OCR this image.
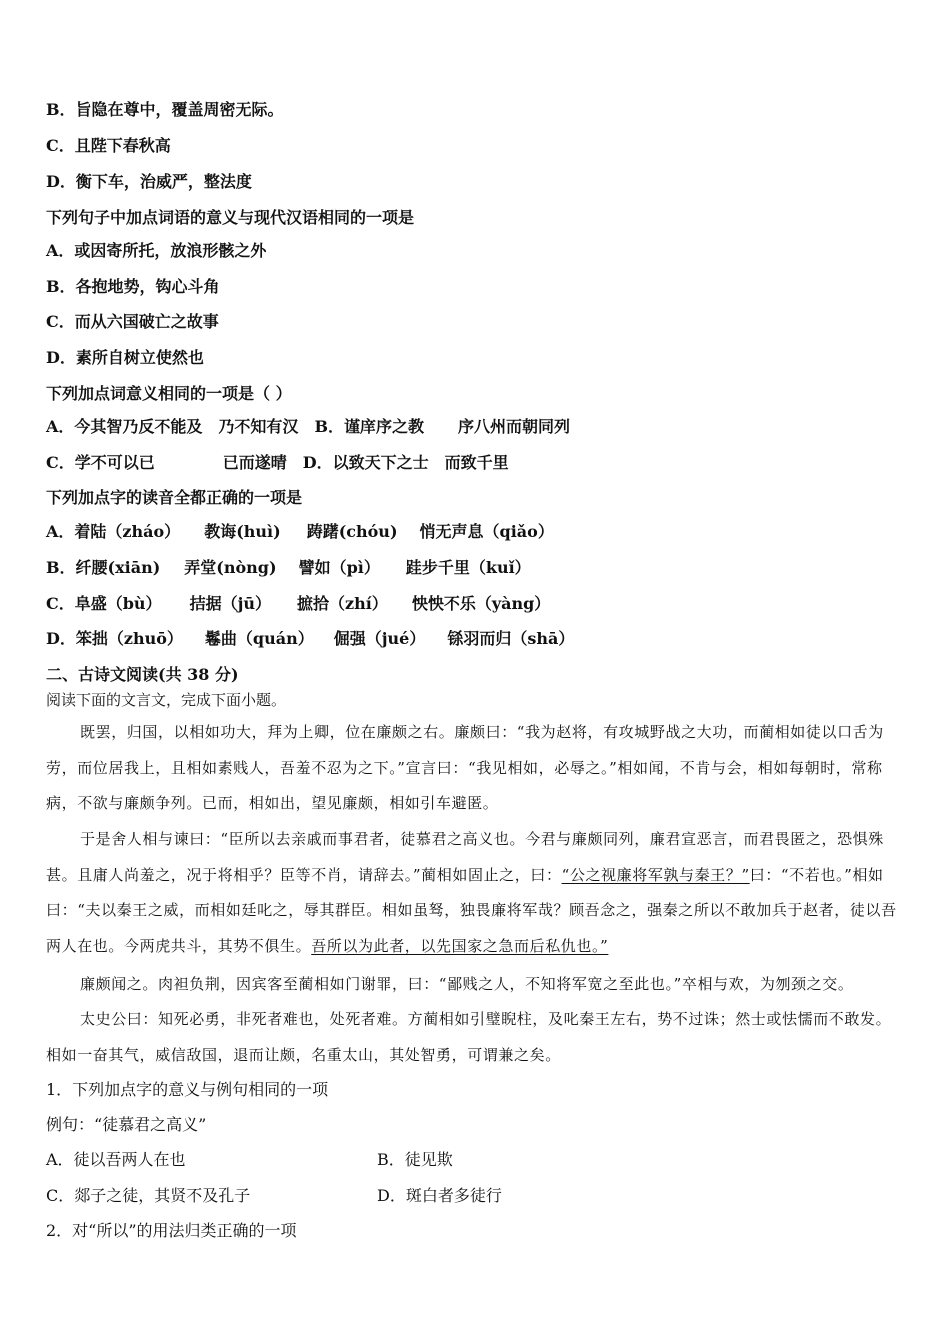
B．旨隐在尊中，覆盖周密无际。
C．且陛下春秋高
D．衡下车，治威严，整法度
下列句子中加点词语的意义与现代汉语相同的一项是
A．或因寄所托，放浪形骸之外
B．各抱地势，钩心斗角
C．而从六国破亡之故事
D．素所自树立使然也
下列加点词意义相同的一项是（ ）
A．今其智乃反不能及 乃不知有汉 B．谨庠序之教 序八州而朝同列
C．学不可以已	已而遂晴 D．以致天下之士 而致千里
下列加点字的读音全都正确的一项是
A．着陆（zháo） 教诲(huì) 踌躇(chóu) 悄无声息（qiǎo）
B．纤腰(xiān) 弄堂(nòng) 譬如（pì） 跬步千里（kuǐ）
C．阜盛（bù） 拮据（jū） 摭拾（zhí） 怏怏不乐（yàng）
D．笨拙（zhuō） 鬈曲（quán） 倔强（jué） 铩羽而归（shā）
二、古诗文阅读(共 38 分)
阅读下面的文言文，完成下面小题。
既罢，归国，以相如功大，拜为上卿，位在廉颇之右。廉颇曰：“我为赵将，有攻城野战之大功，而蔺相如徒以口舌为劳，而位居我上，且相如素贱人，吾羞不忍为之下。”宣言曰：“我见相如，必辱之。”相如闻，不肯与会，相如每朝时，常称病，不欲与廉颇争列。已而，相如出，望见廉颇，相如引车避匿。
于是舍人相与谏曰：“臣所以去亲戚而事君者，徒慕君之高义也。今君与廉颇同列，廉君宣恶言，而君畏匿之，恐惧殊甚。且庸人尚羞之，况于将相乎？臣等不肖，请辞去。”蔺相如固止之，曰：“公之视廉将军孰与秦王？”曰：“不若也。”相如曰：“夫以秦王之威，而相如廷叱之，辱其群臣。相如虽驽，独畏廉将军哉？顾吾念之，强秦之所以不敢加兵于赵者，徒以吾两人在也。今两虎共斗，其势不俱生。吾所以为此者，以先国家之急而后私仇也。”
廉颇闻之。肉袒负荆，因宾客至蔺相如门谢罪，曰：“鄙贱之人，不知将军宽之至此也。”卒相与欢，为刎颈之交。
太史公曰：知死必勇，非死者难也，处死者难。方蔺相如引璧睨柱，及叱秦王左右，势不过诛；然士或怯懦而不敢发。相如一奋其气，威信敌国，退而让颇，名重太山，其处智勇，可谓兼之矣。
1．下列加点字的意义与例句相同的一项
例句：“徒慕君之高义”
A．徒以吾两人在也	B．徒见欺
C．郯子之徒，其贤不及孔子	D．斑白者多徒行
2．对“所以”的用法归类正确的一项
